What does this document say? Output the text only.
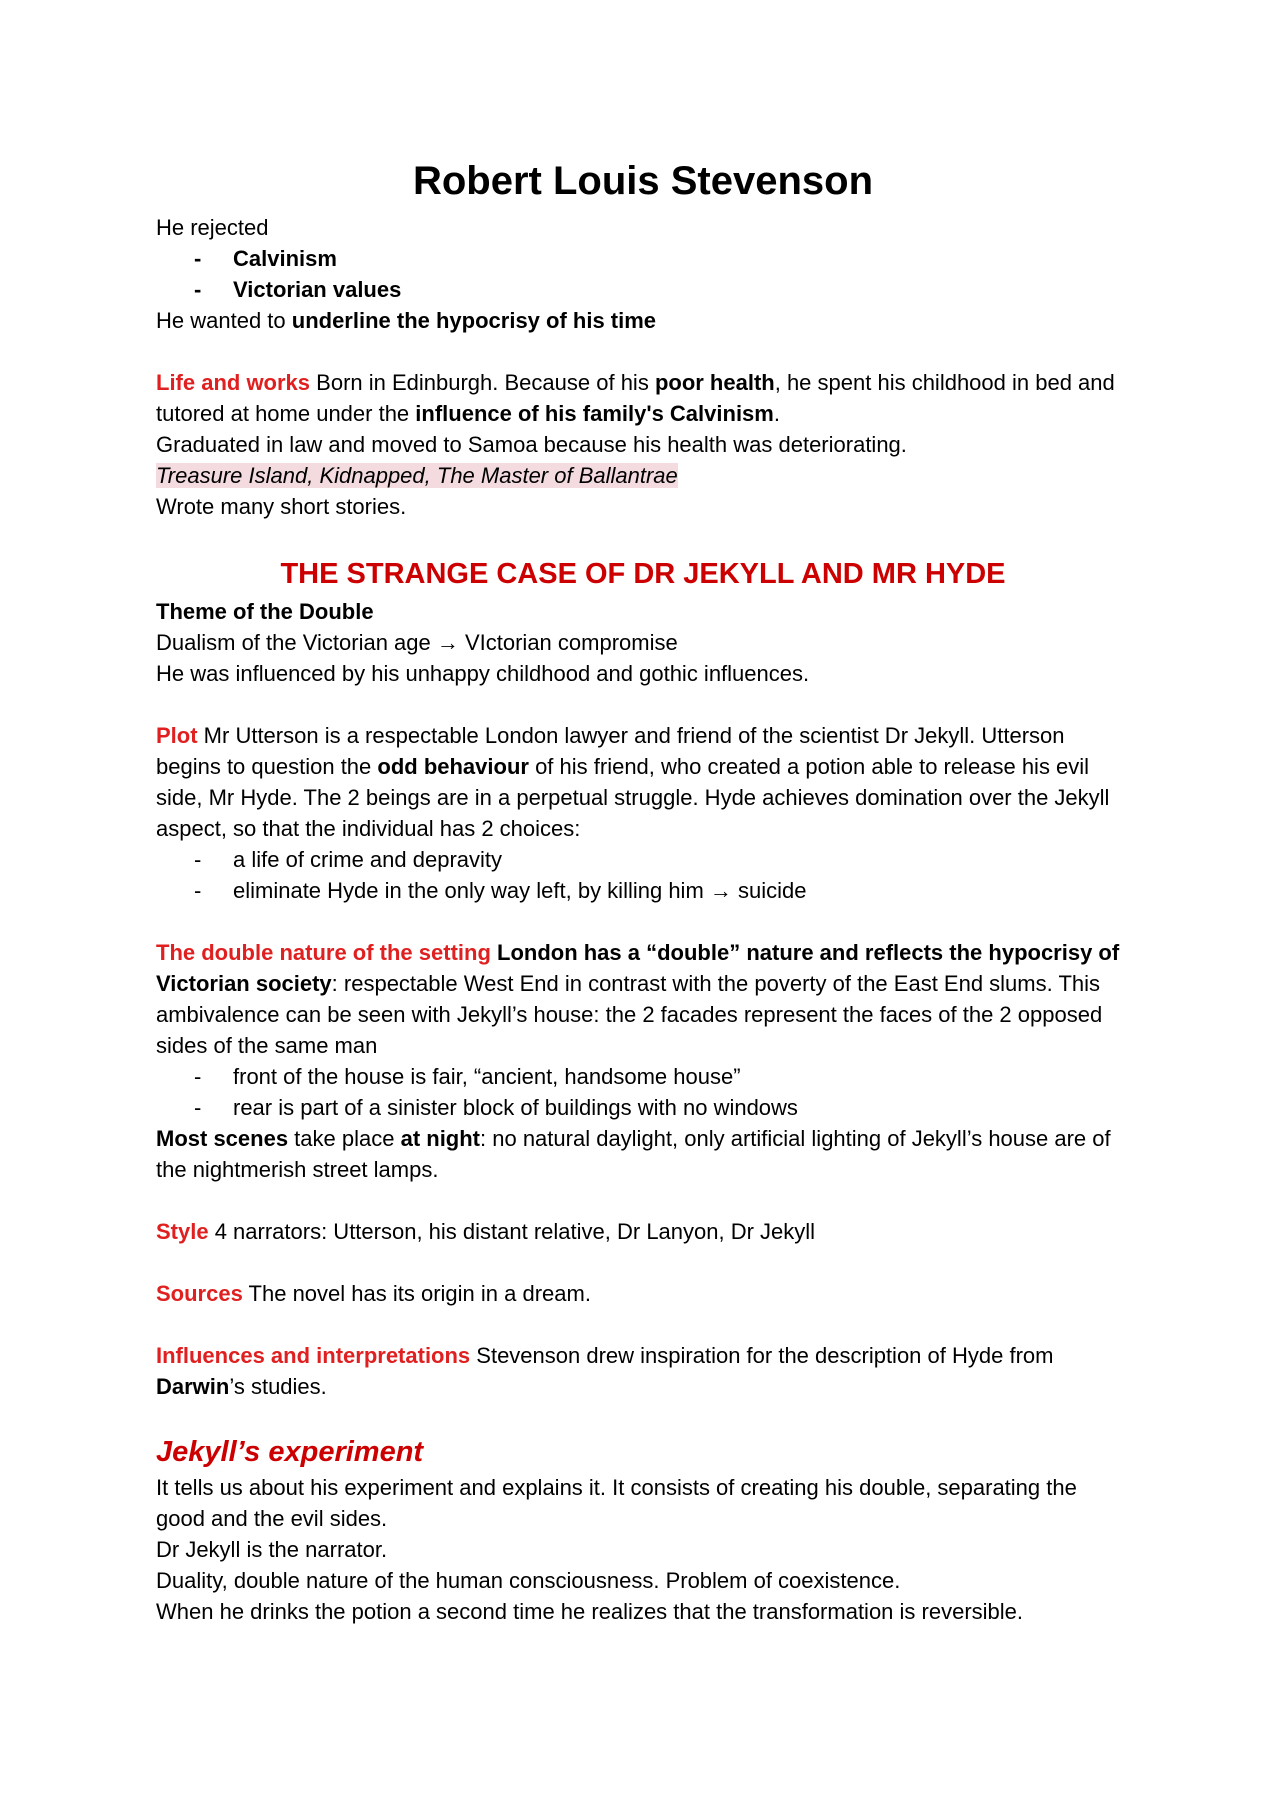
Robert Louis Stevenson

He rejected

- Calvinism
- Victorian values

He wanted to underline the hypocrisy of his time

Life and works Born in Edinburgh. Because of his poor health, he spent his childhood in bed and tutored at home under the influence of his family's Calvinism.

Graduated in law and moved to Samoa because his health was deteriorating.

Treasure Island, Kidnapped, The Master of Ballantrae

Wrote many short stories.

THE STRANGE CASE OF DR JEKYLL AND MR HYDE

Theme of the Double

Dualism of the Victorian age → VIctorian compromise

He was influenced by his unhappy childhood and gothic influences.

Plot Mr Utterson is a respectable London lawyer and friend of the scientist Dr Jekyll. Utterson begins to question the odd behaviour of his friend, who created a potion able to release his evil side, Mr Hyde. The 2 beings are in a perpetual struggle. Hyde achieves domination over the Jekyll aspect, so that the individual has 2 choices:

- a life of crime and depravity
- eliminate Hyde in the only way left, by killing him → suicide

The double nature of the setting London has a “double” nature and reflects the hypocrisy of Victorian society: respectable West End in contrast with the poverty of the East End slums. This ambivalence can be seen with Jekyll’s house: the 2 facades represent the faces of the 2 opposed sides of the same man

- front of the house is fair, “ancient, handsome house”
- rear is part of a sinister block of buildings with no windows

Most scenes take place at night: no natural daylight, only artificial lighting of Jekyll’s house are of the nightmerish street lamps.

Style 4 narrators: Utterson, his distant relative, Dr Lanyon, Dr Jekyll

Sources The novel has its origin in a dream.

Influences and interpretations Stevenson drew inspiration for the description of Hyde from Darwin’s studies.

Jekyll’s experiment

It tells us about his experiment and explains it. It consists of creating his double, separating the good and the evil sides.

Dr Jekyll is the narrator.

Duality, double nature of the human consciousness. Problem of coexistence.

When he drinks the potion a second time he realizes that the transformation is reversible.
